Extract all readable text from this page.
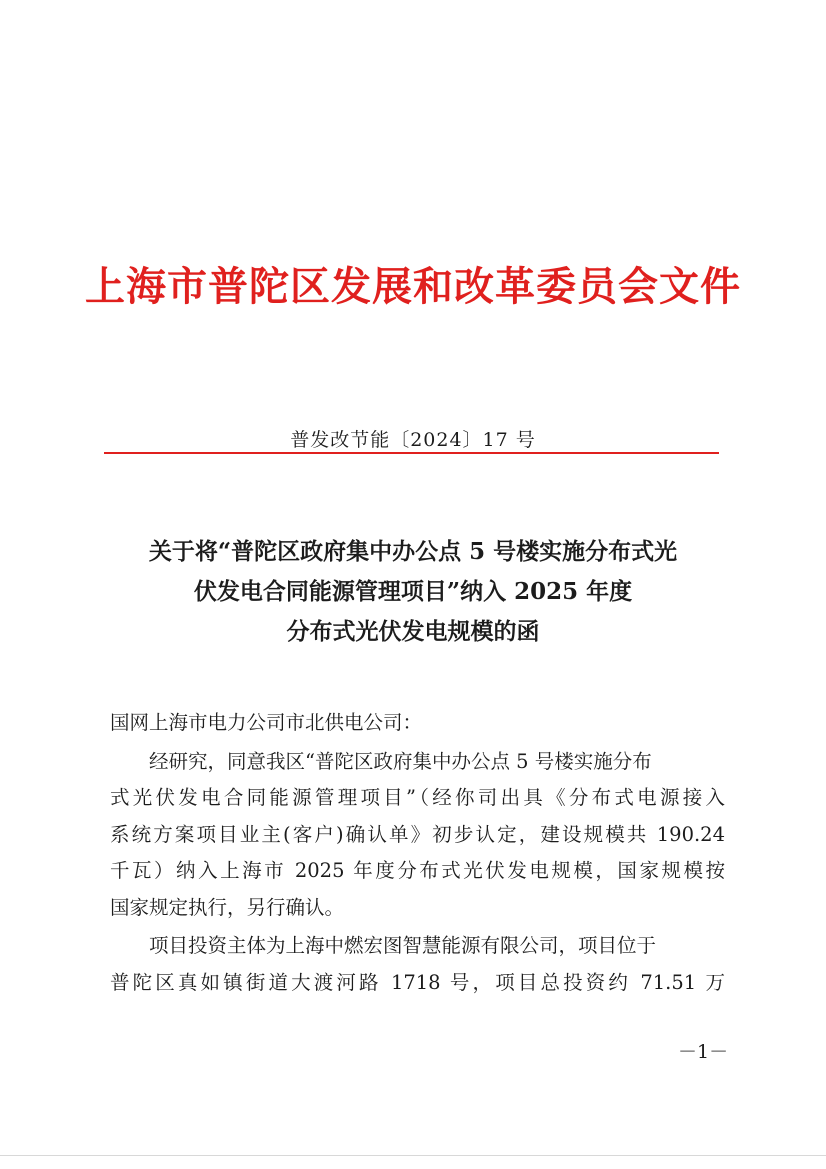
上海市普陀区发展和改革委员会文件
普发改节能〔2024〕17 号
关于将“普陀区政府集中办公点 5 号楼实施分布式光
伏发电合同能源管理项目”纳入 2025 年度
分布式光伏发电规模的函
国网上海市电力公司市北供电公司：
经研究，同意我区“普陀区政府集中办公点 5 号楼实施分布
式光伏发电合同能源管理项目”（经你司出具《分布式电源接入
系统方案项目业主(客户)确认单》初步认定，建设规模共 190.24
千瓦）纳入上海市 2025 年度分布式光伏发电规模，国家规模按
国家规定执行，另行确认。
项目投资主体为上海中燃宏图智慧能源有限公司，项目位于
普陀区真如镇街道大渡河路 1718 号，项目总投资约 71.51 万
－1－
